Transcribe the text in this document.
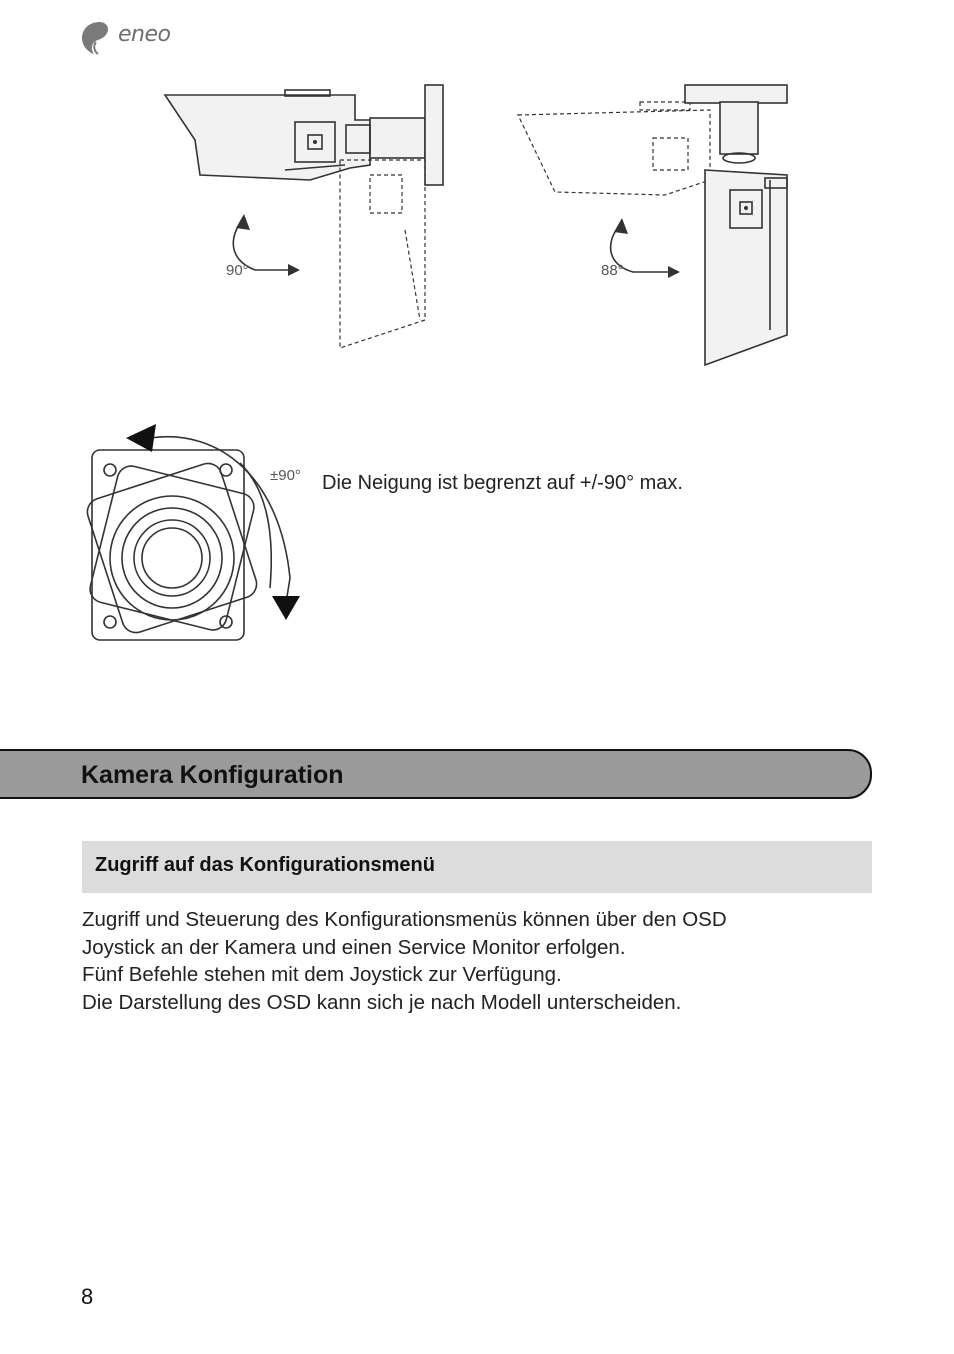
eneo
90°	88°
±90° Die Neigung ist begrenzt auf +/-90° max.
Kamera Konfiguration
Zugriff auf das Konfigurationsmenü
Zugriff und Steuerung des Konfigurationsmenüs können über den OSD
Joystick an der Kamera und einen Service Monitor erfolgen.
Fünf Befehle stehen mit dem Joystick zur Verfügung.
Die Darstellung des OSD kann sich je nach Modell unterscheiden.
8
